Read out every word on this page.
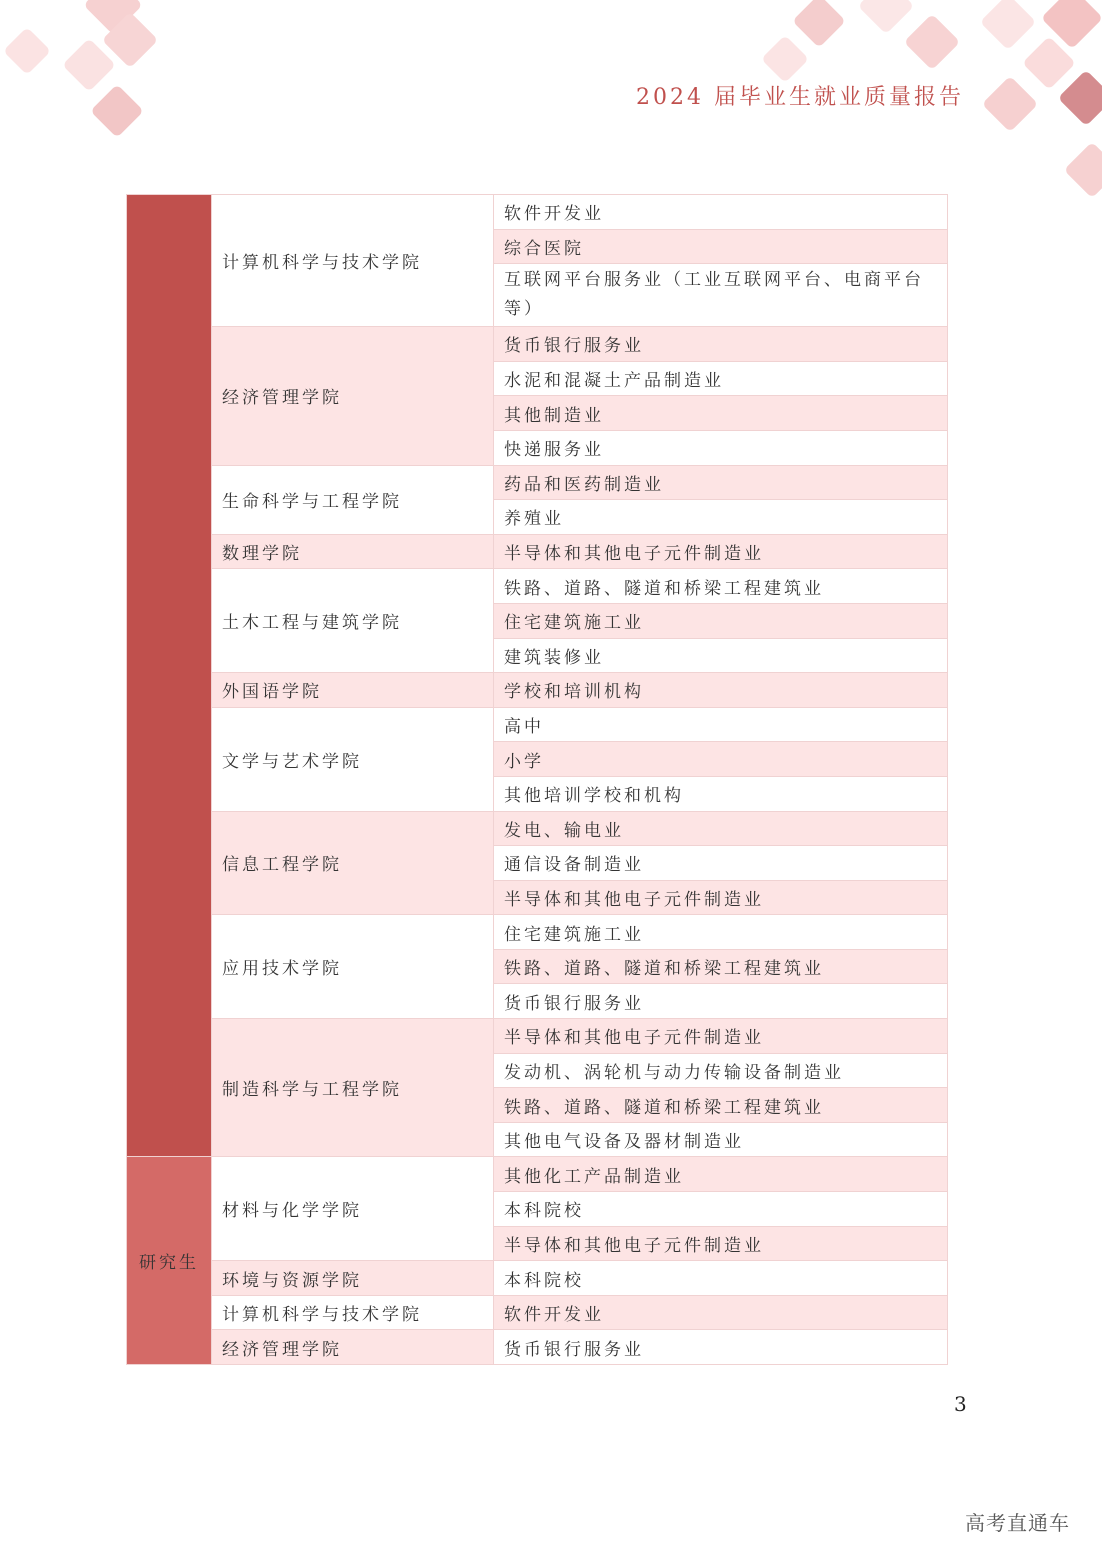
2024 届毕业生就业质量报告
	计算机科学与技术学院	软件开发业
		综合医院
		互联网平台服务业（工业互联网平台、电商平台等）
	经济管理学院	货币银行服务业
		水泥和混凝土产品制造业
		其他制造业
		快递服务业
	生命科学与工程学院	药品和医药制造业
		养殖业
	数理学院	半导体和其他电子元件制造业
	土木工程与建筑学院	铁路、道路、隧道和桥梁工程建筑业
		住宅建筑施工业
		建筑装修业
	外国语学院	学校和培训机构
	文学与艺术学院	高中
		小学
		其他培训学校和机构
	信息工程学院	发电、输电业
		通信设备制造业
		半导体和其他电子元件制造业
	应用技术学院	住宅建筑施工业
		铁路、道路、隧道和桥梁工程建筑业
		货币银行服务业
	制造科学与工程学院	半导体和其他电子元件制造业
		发动机、涡轮机与动力传输设备制造业
		铁路、道路、隧道和桥梁工程建筑业
		其他电气设备及器材制造业
研究生	材料与化学学院	其他化工产品制造业
		本科院校
		半导体和其他电子元件制造业
	环境与资源学院	本科院校
	计算机科学与技术学院	软件开发业
	经济管理学院	货币银行服务业
3
高考直通车
